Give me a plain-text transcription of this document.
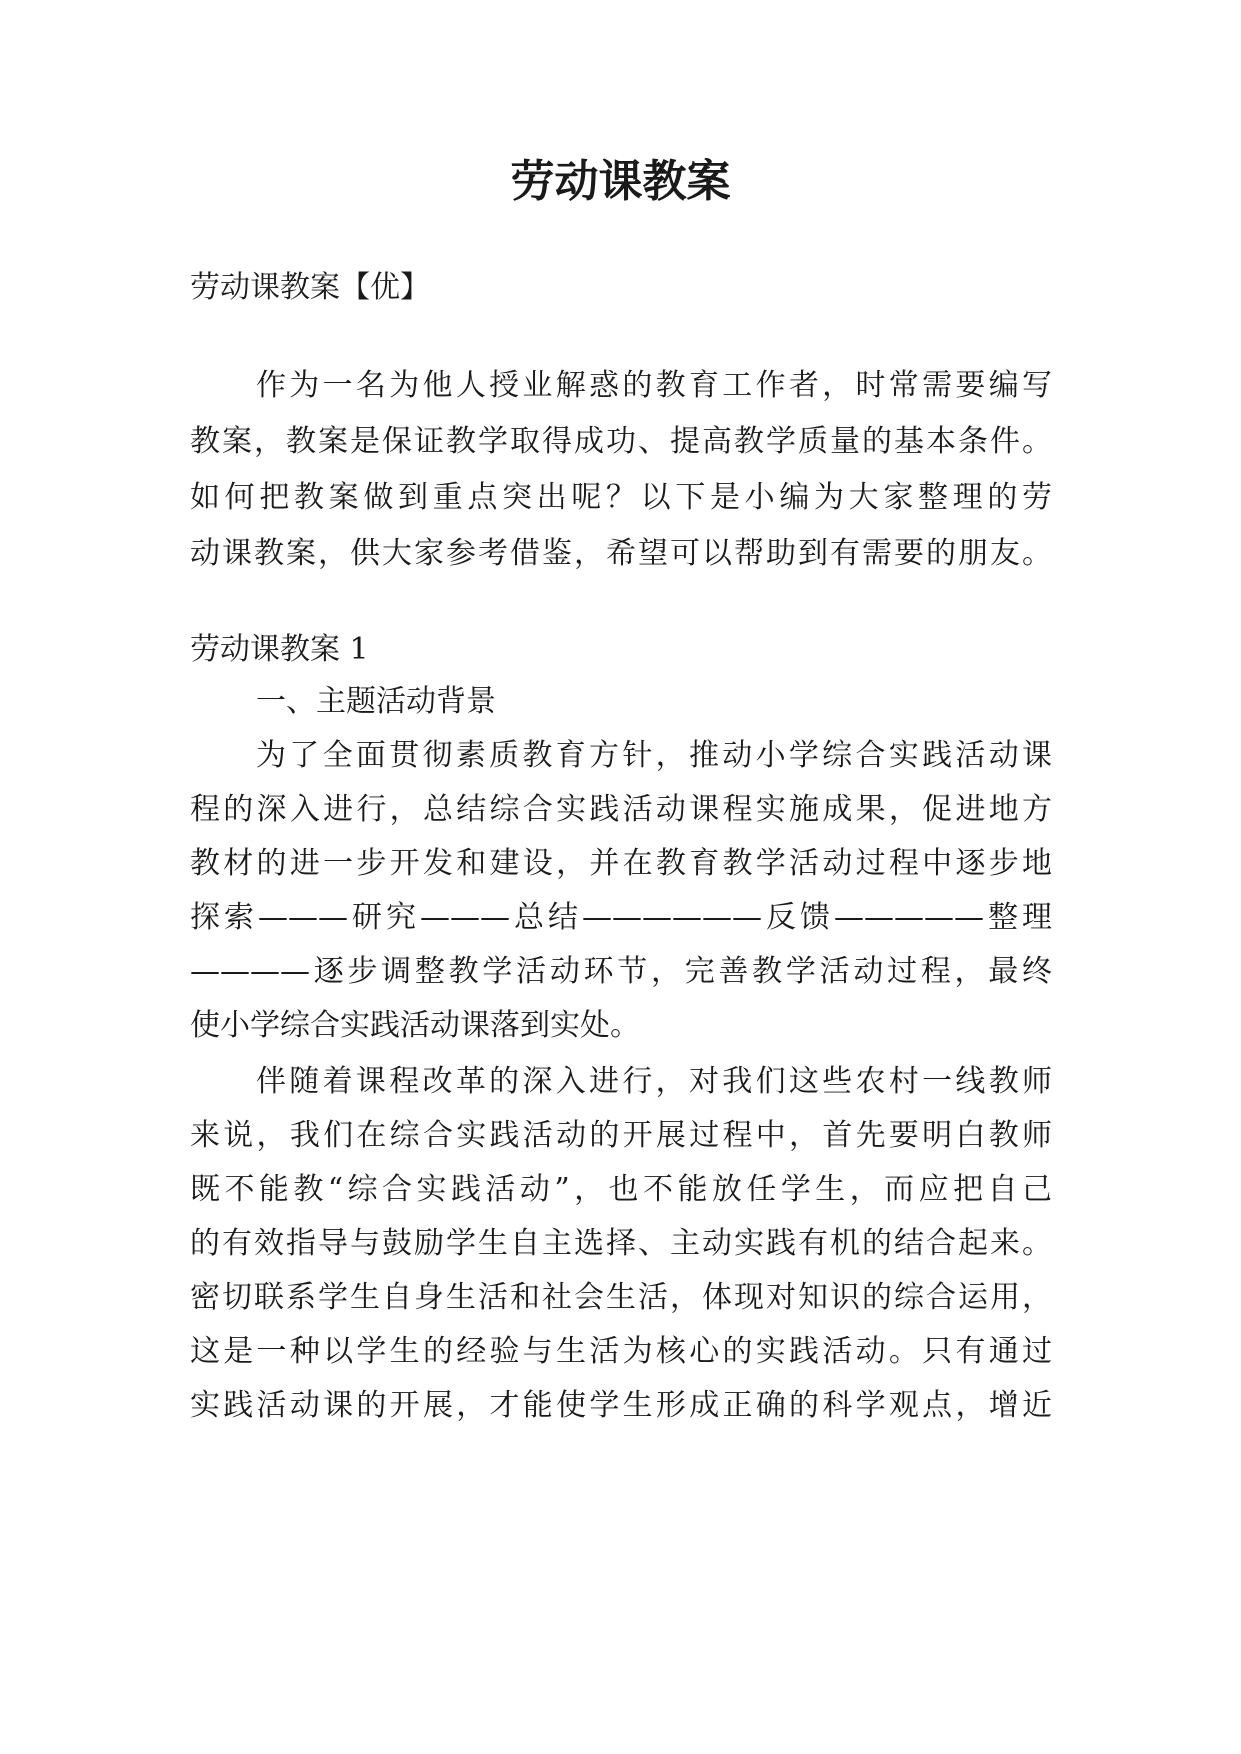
劳动课教案

劳动课教案【优】

作为一名为他人授业解惑的教育工作者，时常需要编写

教案，教案是保证教学取得成功、提高教学质量的基本条件。

如何把教案做到重点突出呢？以下是小编为大家整理的劳

动课教案，供大家参考借鉴，希望可以帮助到有需要的朋友。

劳动课教案 1

一、主题活动背景

为了全面贯彻素质教育方针，推动小学综合实践活动课

程的深入进行，总结综合实践活动课程实施成果，促进地方

教材的进一步开发和建设，并在教育教学活动过程中逐步地

探索———研究———总结——————反馈—————整理

————逐步调整教学活动环节，完善教学活动过程，最终

使小学综合实践活动课落到实处。

伴随着课程改革的深入进行，对我们这些农村一线教师

来说，我们在综合实践活动的开展过程中，首先要明白教师

既不能教“综合实践活动”，也不能放任学生，而应把自己

的有效指导与鼓励学生自主选择、主动实践有机的结合起来。

密切联系学生自身生活和社会生活，体现对知识的综合运用，

这是一种以学生的经验与生活为核心的实践活动。只有通过

实践活动课的开展，才能使学生形成正确的科学观点，增近
